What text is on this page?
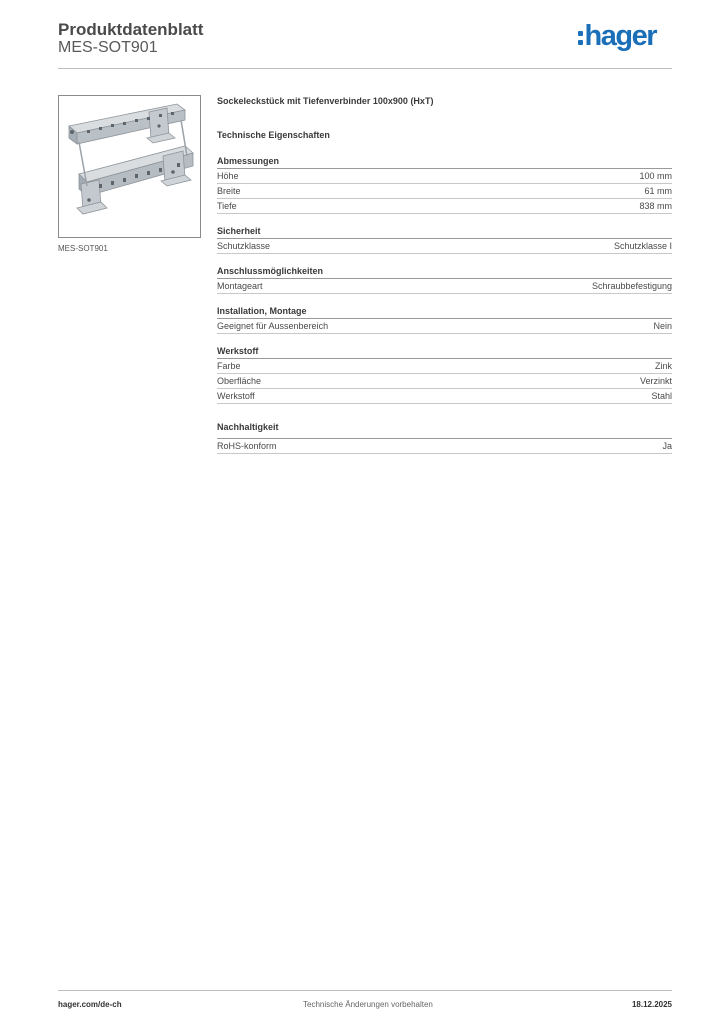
Produktdatenblatt
MES-SOT901	hager
MES-SOT901
Sockeleckstück mit Tiefenverbinder 100x900 (HxT)
Technische Eigenschaften
Abmessungen
Höhe	100 mm
Breite	61 mm
Tiefe	838 mm
Sicherheit
Schutzklasse	Schutzklasse I
Anschlussmöglichkeiten
Montageart	Schraubbefestigung
Installation, Montage
Geeignet für Aussenbereich	Nein
Werkstoff
Farbe	Zink
Oberfläche	Verzinkt
Werkstoff	Stahl
Nachhaltigkeit
RoHS-konform	Ja
hager.com/de-ch	Technische Änderungen vorbehalten	18.12.2025
